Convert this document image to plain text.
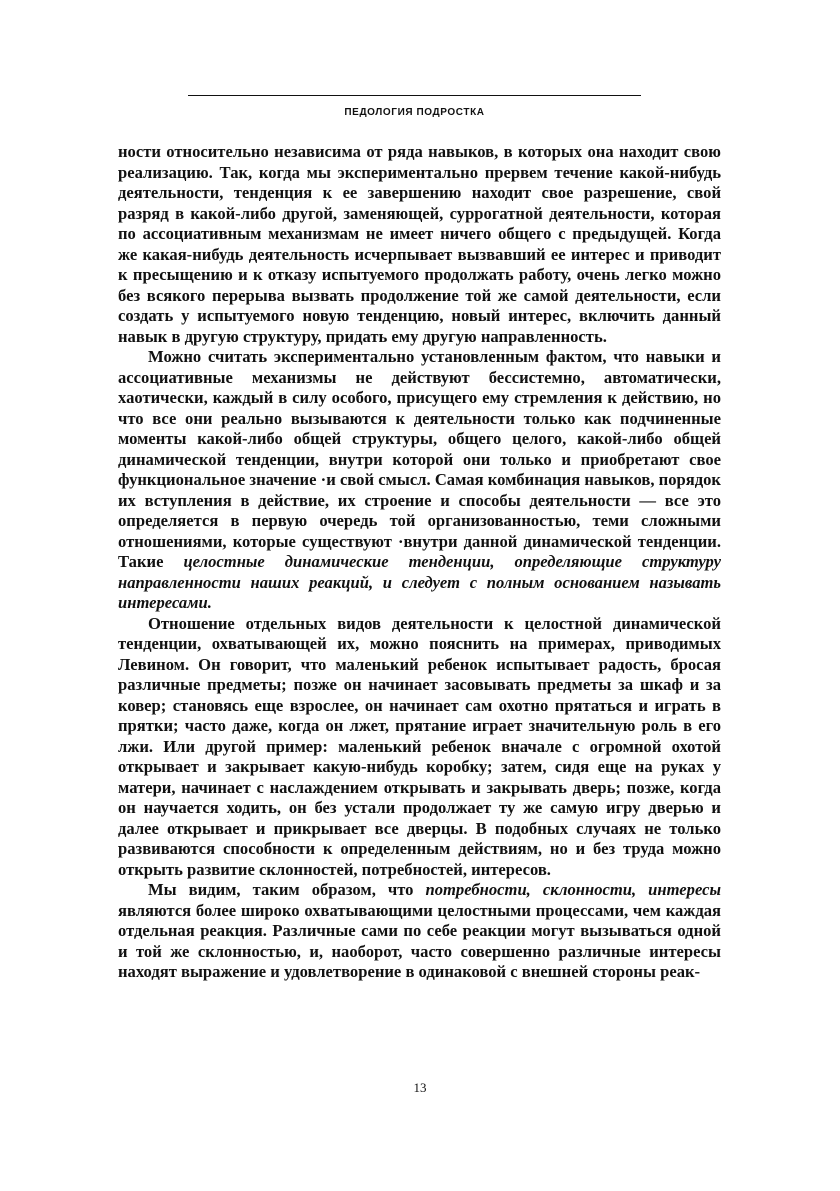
ПЕДОЛОГИЯ ПОДРОСТКА

ности относительно независима от ряда навыков, в которых она находит свою реализацию. Так, когда мы экспериментально прервем течение какой-нибудь деятельности, тенденция к ее завершению находит свое разрешение, свой разряд в какой-либо другой, заменяющей, суррогатной деятельности, которая по ассоциативным механизмам не имеет ничего общего с предыдущей. Когда же какая-нибудь деятельность исчерпывает вызвавший ее интерес и приводит к пресыщению и к отказу испытуемого продолжать работу, очень легко можно без всякого перерыва вызвать продолжение той же самой деятельности, если создать у испытуемого новую тенденцию, новый интерес, включить данный навык в другую структуру, придать ему другую направленность.

Можно считать экспериментально установленным фактом, что навыки и ассоциативные механизмы не действуют бессистемно, автоматически, хаотически, каждый в силу особого, присущего ему стремления к действию, но что все они реально вызываются к деятельности только как подчиненные моменты какой-либо общей структуры, общего целого, какой-либо общей динамической тенденции, внутри которой они только и приобретают свое функциональное значение ·и свой смысл. Самая комбинация навыков, порядок их вступления в действие, их строение и способы деятельности — все это определяется в первую очередь той организованностью, теми сложными отношениями, которые существуют ·внутри данной динамической тенденции. Такие целостные динамические тенденции, определяющие структуру направленности наших реакций, и следует с полным основанием называть интересами.

Отношение отдельных видов деятельности к целостной динамической тенденции, охватывающей их, можно пояснить на примерах, приводимых Левином. Он говорит, что маленький ребенок испытывает радость, бросая различные предметы; позже он начинает засовывать предметы за шкаф и за ковер; становясь еще взрослее, он начинает сам охотно прятаться и играть в прятки; часто даже, когда он лжет, прятание играет значительную роль в его лжи. Или другой пример: маленький ребенок вначале с огромной охотой открывает и закрывает какую-нибудь коробку; затем, сидя еще на руках у матери, начинает с наслаждением открывать и закрывать дверь; позже, когда он научается ходить, он без устали продолжает ту же самую игру дверью и далее открывает и прикрывает все дверцы. В подобных случаях не только развиваются способности к определенным действиям, но и без труда можно открыть развитие склонностей, потребностей, интересов.

Мы видим, таким образом, что потребности, склонности, интересы являются более широко охватывающими целостными процессами, чем каждая отдельная реакция. Различные сами по себе реакции могут вызываться одной и той же склонностью, и, наоборот, часто совершенно различные интересы находят выражение и удовлетворение в одинаковой с внешней стороны реак-

13
